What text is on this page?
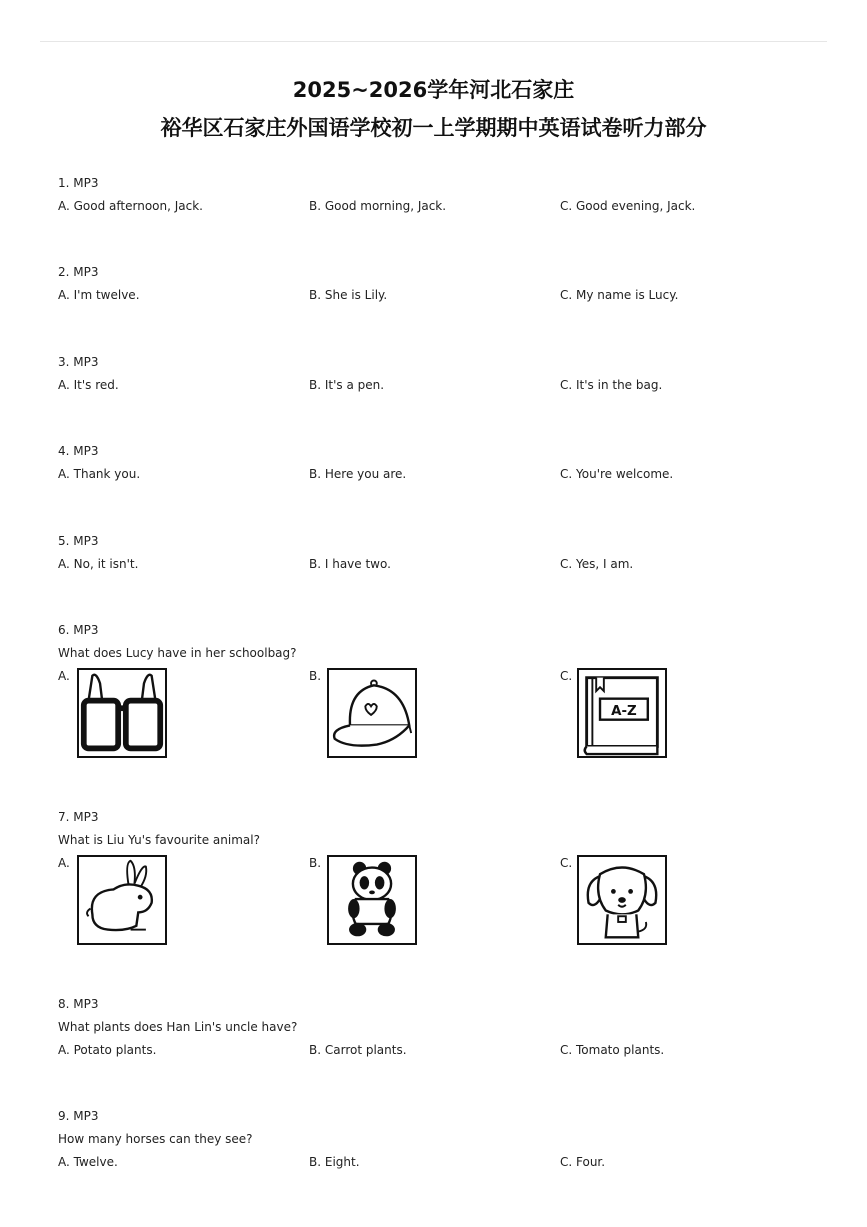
2025~2026学年河北石家庄
裕华区石家庄外国语学校初一上学期期中英语试卷听力部分
1. MP3
A. Good afternoon, Jack.	B. Good morning, Jack.	C. Good evening, Jack.
2. MP3
A. I'm twelve.	B. She is Lily.	C. My name is Lucy.
3. MP3
A. It's red.	B. It's a pen.	C. It's in the bag.
4. MP3
A. Thank you.	B. Here you are.	C. You're welcome.
5. MP3
A. No, it isn't.	B. I have two.	C. Yes, I am.
6. MP3
What does Lucy have in her schoolbag?
A.	B.	C.
A-Z
7. MP3
What is Liu Yu's favourite animal?
A.	B.	C.
8. MP3
What plants does Han Lin's uncle have?
A. Potato plants.	B. Carrot plants.	C. Tomato plants.
9. MP3
How many horses can they see?
A. Twelve.	B. Eight.	C. Four.
